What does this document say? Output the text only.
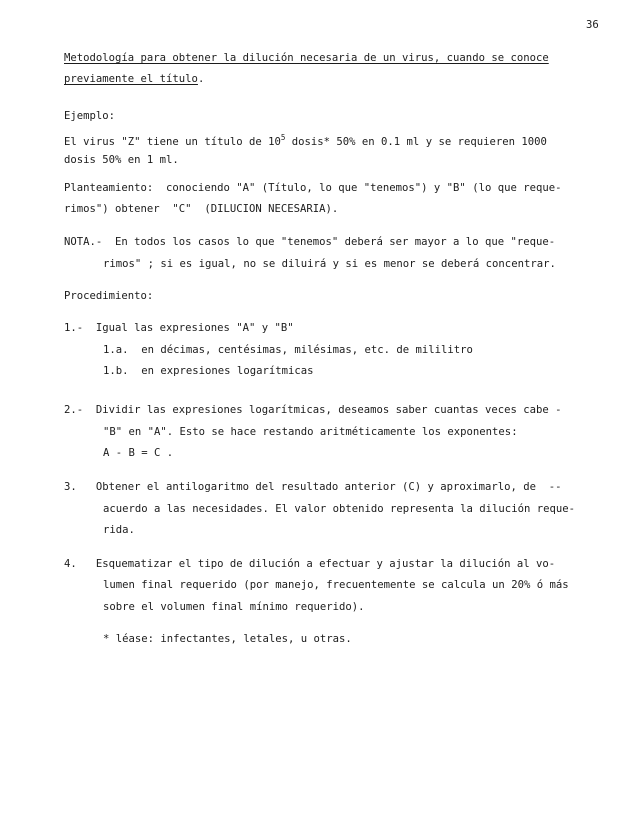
36
Metodología para obtener la dilución necesaria de un virus, cuando se conoce
previamente el título.
Ejemplo:
El virus "Z" tiene un título de $10^5$ dosis* 50% en 0.1 ml y se requieren 1000
dosis 50% en 1 ml.
Planteamiento:  conociendo "A" (Título, lo que "tenemos") y "B" (lo que reque-
rimos") obtener  "C"  (DILUCION NECESARIA).
NOTA.-  En todos los casos lo que "tenemos" deberá ser mayor a lo que "reque-
rimos" ; si es igual, no se diluirá y si es menor se deberá concentrar.
Procedimiento:
1.-  Igual las expresiones "A" y "B"
1.a.  en décimas, centésimas, milésimas, etc. de mililitro
1.b.  en expresiones logarítmicas
2.-  Dividir las expresiones logarítmicas, deseamos saber cuantas veces cabe -
"B" en "A". Esto se hace restando aritméticamente los exponentes:
A - B = C .
3.   Obtener el antilogaritmo del resultado anterior (C) y aproximarlo, de  --
acuerdo a las necesidades. El valor obtenido representa la dilución reque-
rida.
4.   Esquematizar el tipo de dilución a efectuar y ajustar la dilución al vo-
lumen final requerido (por manejo, frecuentemente se calcula un 20% ó más
sobre el volumen final mínimo requerido).
* léase: infectantes, letales, u otras.
